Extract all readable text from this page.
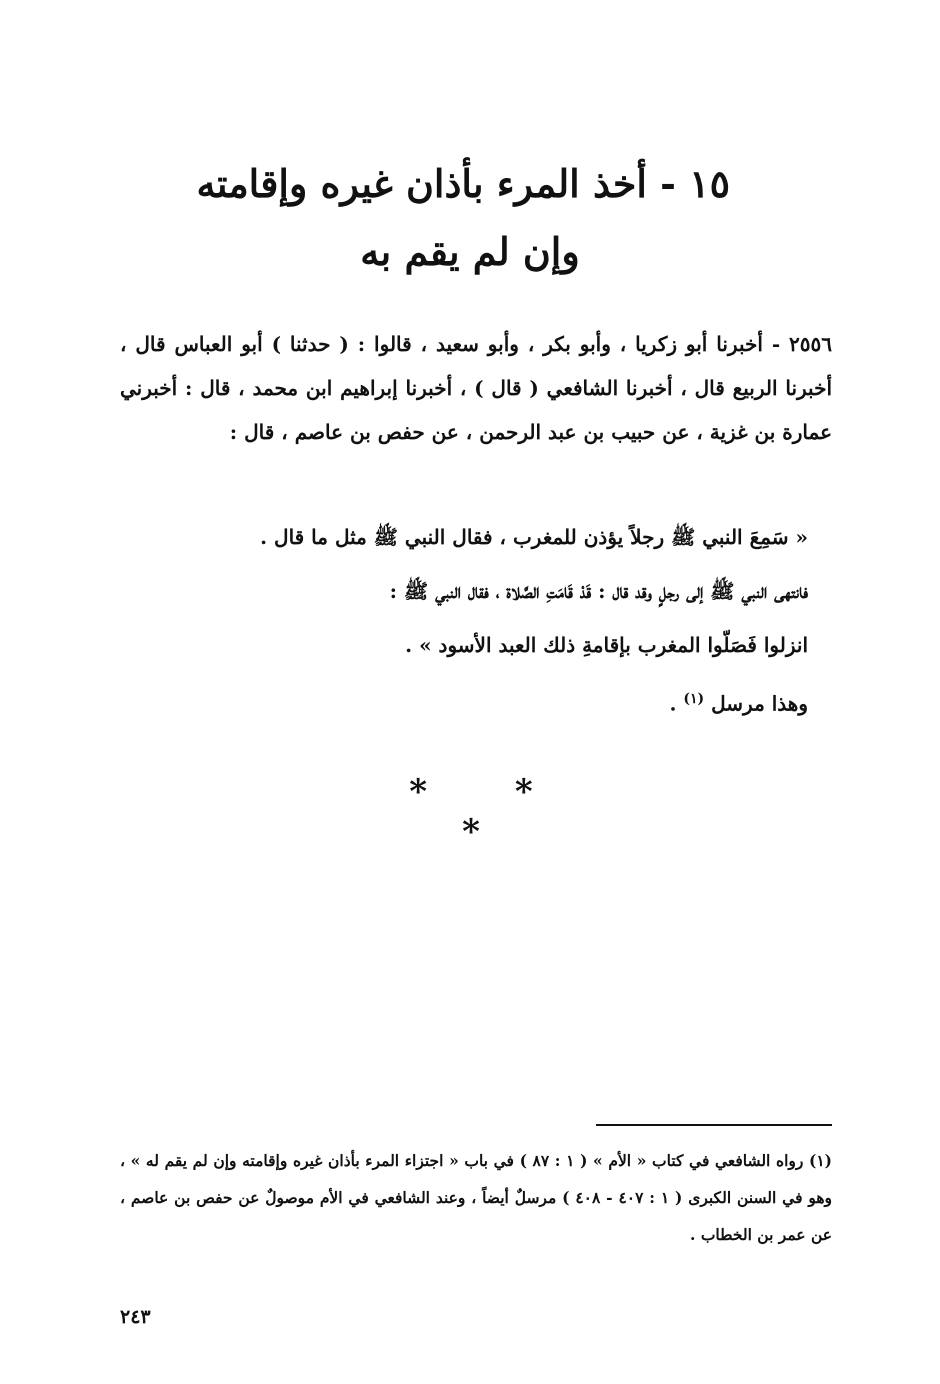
١٥ - أخذ المرء بأذان غيره وإقامته
وإن لم يقم به

٢٥٥٦ - أخبرنا أبو زكريا ، وأبو بكر ، وأبو سعيد ، قالوا : ( حدثنا ) أبو العباس قال ، أخبرنا الربيع قال ، أخبرنا الشافعي ( قال ) ، أخبرنا إبراهيم ابن محمد ، قال : أخبرني عمارة بن غزية ، عن حبيب بن عبد الرحمن ، عن حفص بن عاصم ، قال :

« سَمِعَ النبي ﷺ رجلاً يؤذن للمغرب ، فقال النبي ﷺ مثل ما قال .
فانتهى النبي ﷺ إلى رجلٍ وقد قال : قَدْ قَامَتِ الصَّلاة ، فقال النبي ﷺ :
انزلوا فَصَلّوا المغرب بإقامةِ ذلك العبد الأسود » .
وهذا مرسل $^{(١)}$ .
* * *

(١) رواه الشافعي في كتاب « الأم » ( ١ : ٨٧ ) في باب « اجتزاء المرء بأذان غيره وإقامته وإن لم يقم له » ، وهو في السنن الكبرى ( ١ : ٤٠٧ - ٤٠٨ ) مرسلٌ أيضاً ، وعند الشافعي في الأم موصولٌ عن حفص بن عاصم ، عن عمر بن الخطاب .

٢٤٣
